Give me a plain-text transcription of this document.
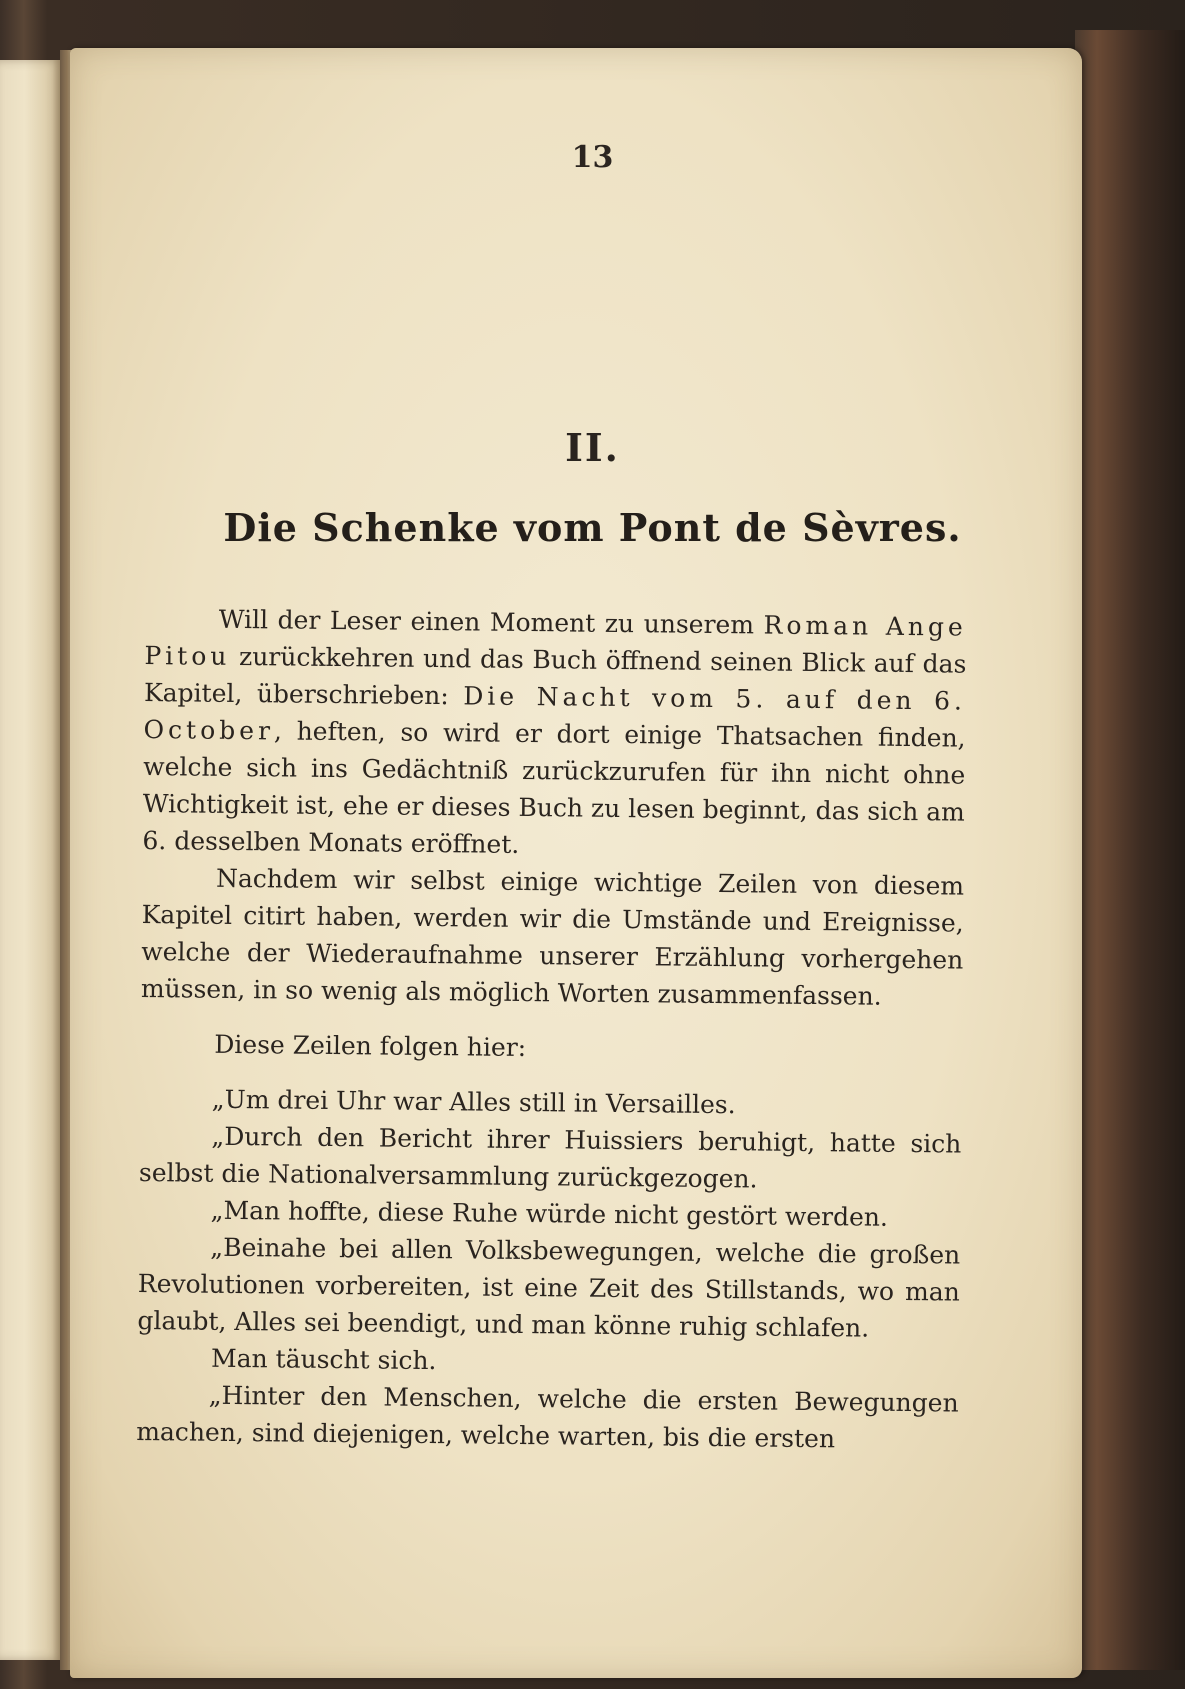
13
II.
Die Schenke vom Pont de Sèvres.

Will der Leser einen Moment zu unserem Roman Ange Pitou zurückkehren und das Buch öffnend seinen Blick auf das Kapitel, überschrieben: Die Nacht vom 5. auf den 6. October, heften, so wird er dort einige Thatsachen finden, welche sich ins Gedächtniß zurückzurufen für ihn nicht ohne Wichtigkeit ist, ehe er dieses Buch zu lesen beginnt, das sich am 6. desselben Monats eröffnet.

Nachdem wir selbst einige wichtige Zeilen von diesem Kapitel citirt haben, werden wir die Umstände und Ereignisse, welche der Wiederaufnahme unserer Erzählung vorhergehen müssen, in so wenig als möglich Worten zusammenfassen.

Diese Zeilen folgen hier:

„Um drei Uhr war Alles still in Versailles.

„Durch den Bericht ihrer Huissiers beruhigt, hatte sich selbst die Nationalversammlung zurückgezogen.

„Man hoffte, diese Ruhe würde nicht gestört werden.

„Beinahe bei allen Volksbewegungen, welche die großen Revolutionen vorbereiten, ist eine Zeit des Stillstands, wo man glaubt, Alles sei beendigt, und man könne ruhig schlafen.

Man täuscht sich.

„Hinter den Menschen, welche die ersten Bewegungen machen, sind diejenigen, welche warten, bis die ersten
